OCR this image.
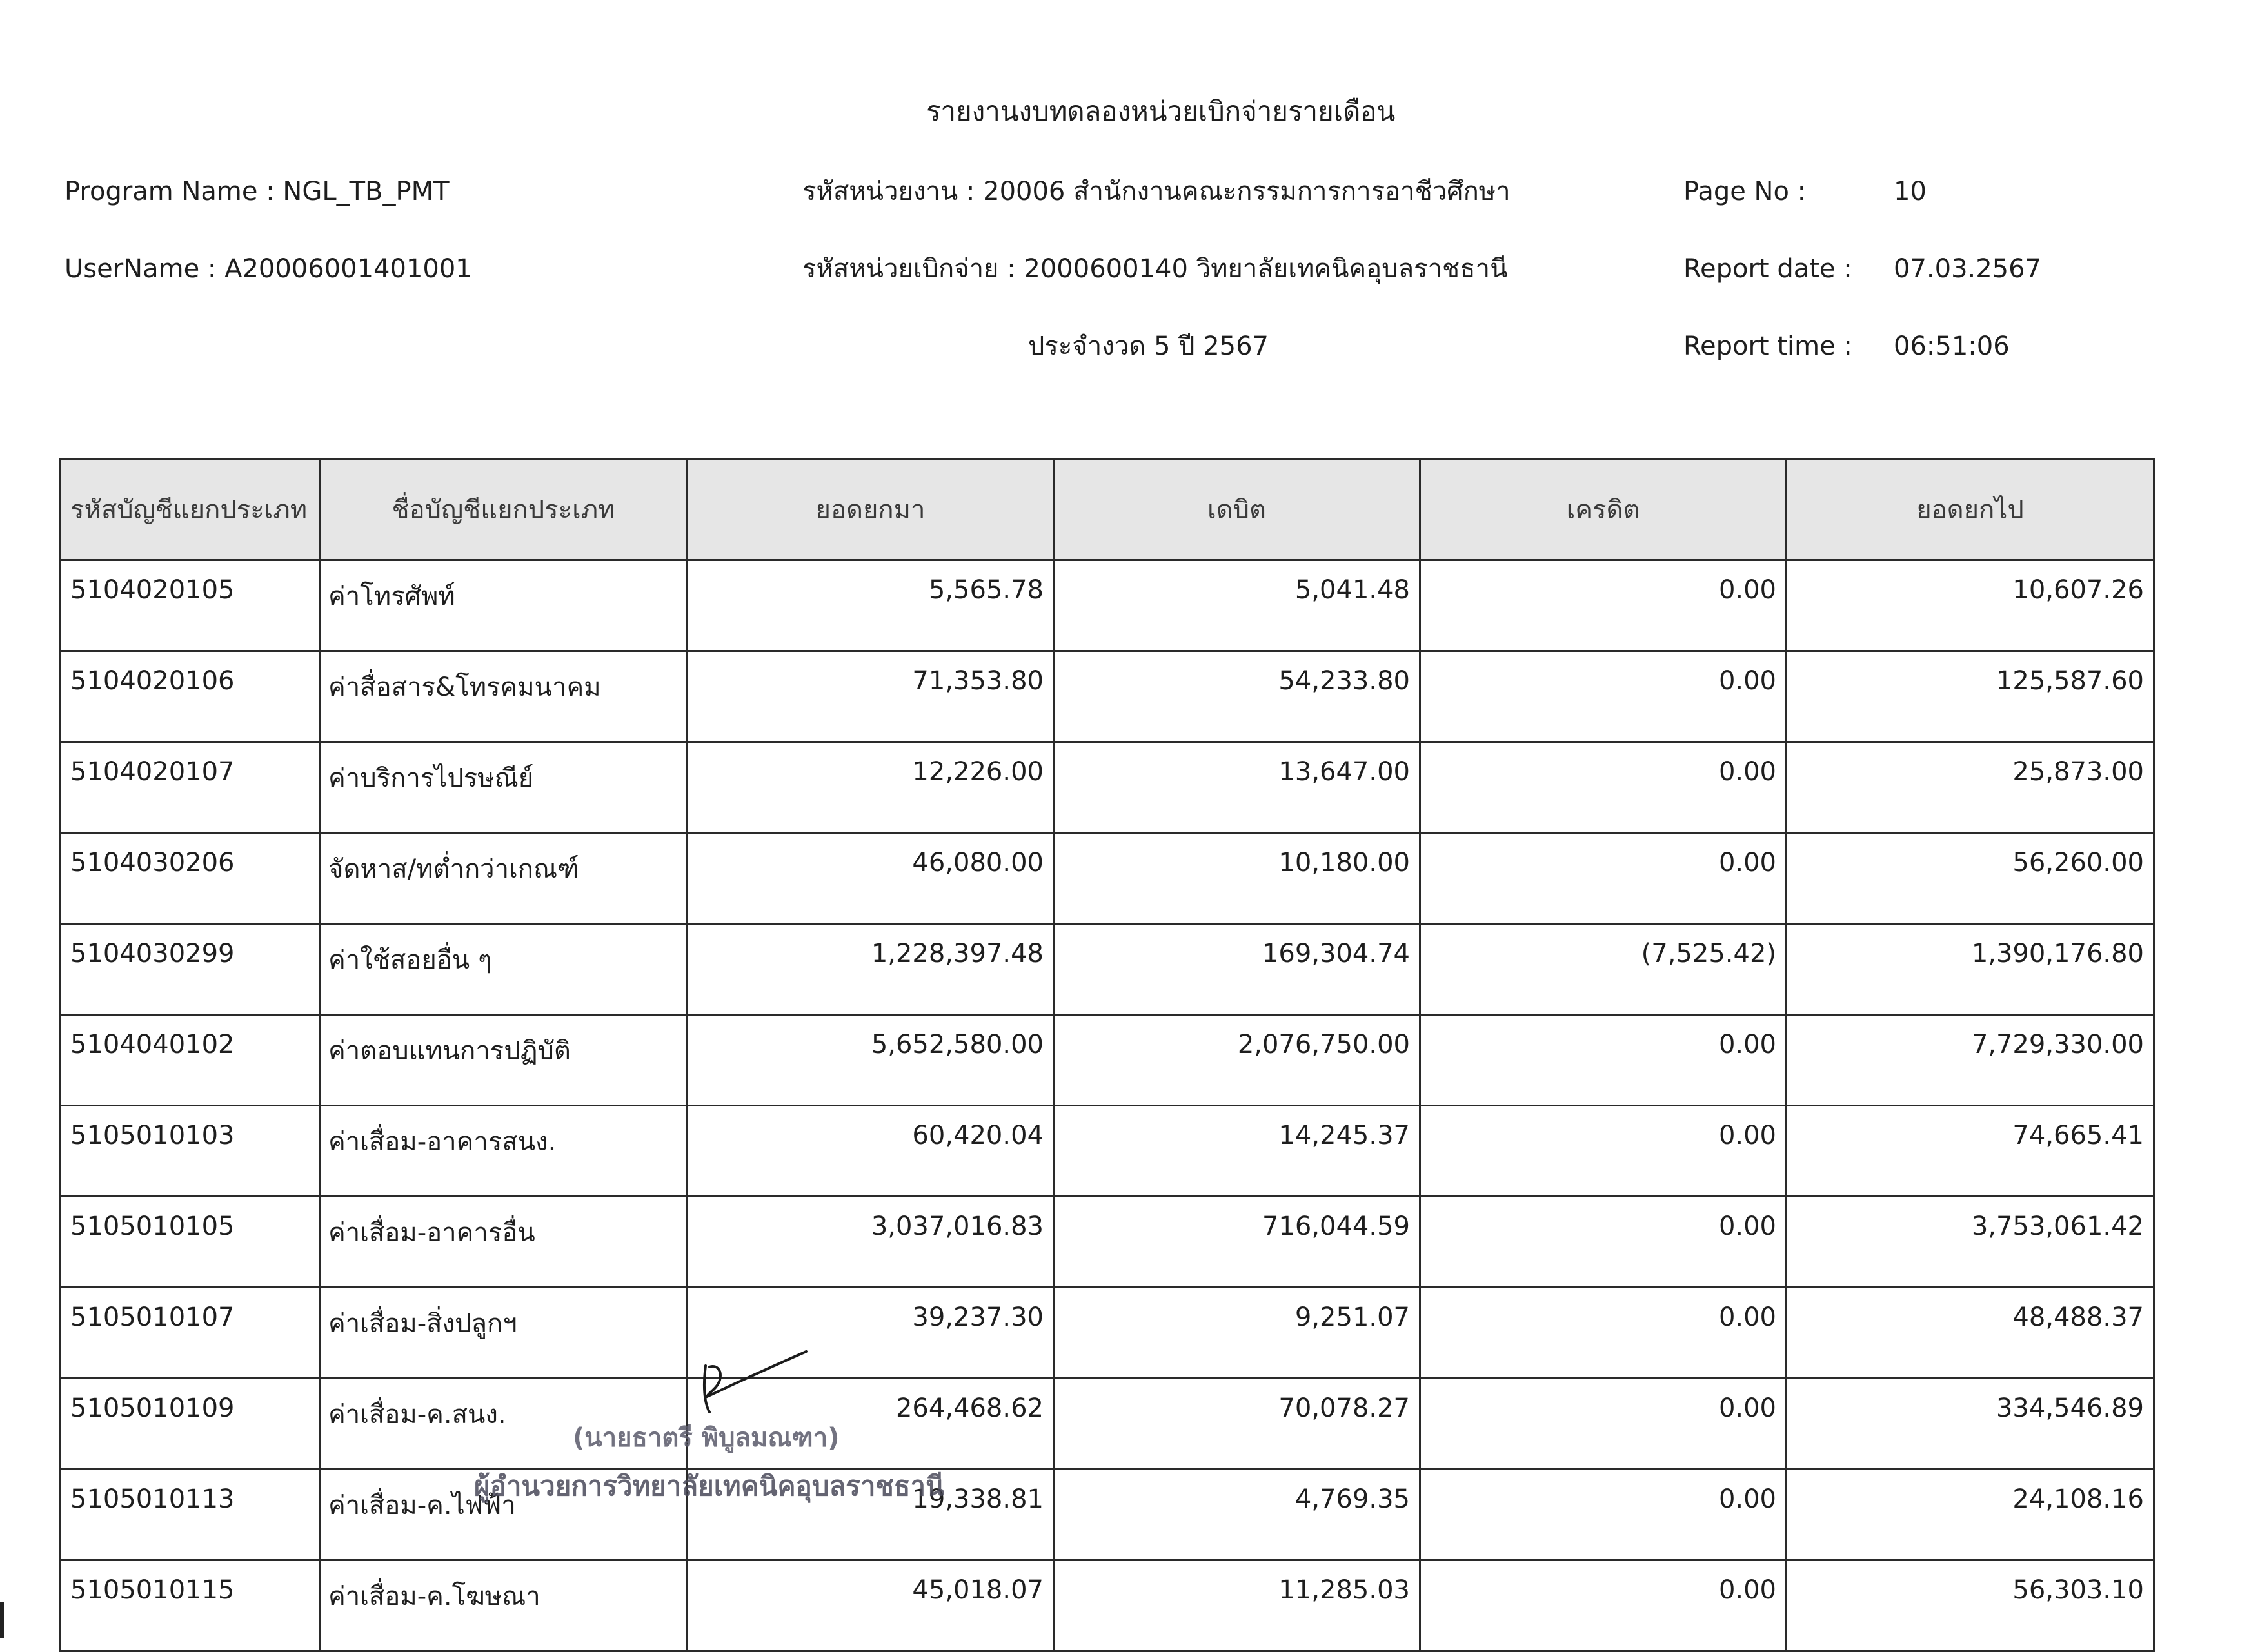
รายงานงบทดลองหน่วยเบิกจ่ายรายเดือน
Program Name : NGL_TB_PMT
UserName : A20006001401001
รหัสหน่วยงาน : 20006 สำนักงานคณะกรรมการการอาชีวศึกษา
รหัสหน่วยเบิกจ่าย : 2000600140 วิทยาลัยเทคนิคอุบลราชธานี
ประจำงวด 5 ปี 2567
Page No :	10
Report date : 07.03.2567
Report time : 06:51:06
รหัสบัญชีแยกประเภท	ชื่อบัญชีแยกประเภท	ยอดยกมา	เดบิต	เครดิต	ยอดยกไป
5104020105	ค่าโทรศัพท์	5,565.78	5,041.48	0.00	10,607.26
5104020106	ค่าสื่อสาร&โทรคมนาคม	71,353.80	54,233.80	0.00	125,587.60
5104020107	ค่าบริการไปรษณีย์	12,226.00	13,647.00	0.00	25,873.00
5104030206	จัดหาส/ทต่ำกว่าเกณฑ์	46,080.00	10,180.00	0.00	56,260.00
5104030299	ค่าใช้สอยอื่น ๆ	1,228,397.48	169,304.74	(7,525.42)	1,390,176.80
5104040102	ค่าตอบแทนการปฏิบัติ	5,652,580.00	2,076,750.00	0.00	7,729,330.00
5105010103	ค่าเสื่อม-อาคารสนง.	60,420.04	14,245.37	0.00	74,665.41
5105010105	ค่าเสื่อม-อาคารอื่น	3,037,016.83	716,044.59	0.00	3,753,061.42
5105010107	ค่าเสื่อม-สิ่งปลูกฯ	39,237.30	9,251.07	0.00	48,488.37
5105010109	ค่าเสื่อม-ค.สนง.	264,468.62	70,078.27	0.00	334,546.89
5105010113	ค่าเสื่อม-ค.ไฟฟ้า	19,338.81	4,769.35	0.00	24,108.16
5105010115	ค่าเสื่อม-ค.โฆษณา	45,018.07	11,285.03	0.00	56,303.10
(นายธาตรี พิบูลมณฑา)
ผู้อำนวยการวิทยาลัยเทคนิคอุบลราชธานี
